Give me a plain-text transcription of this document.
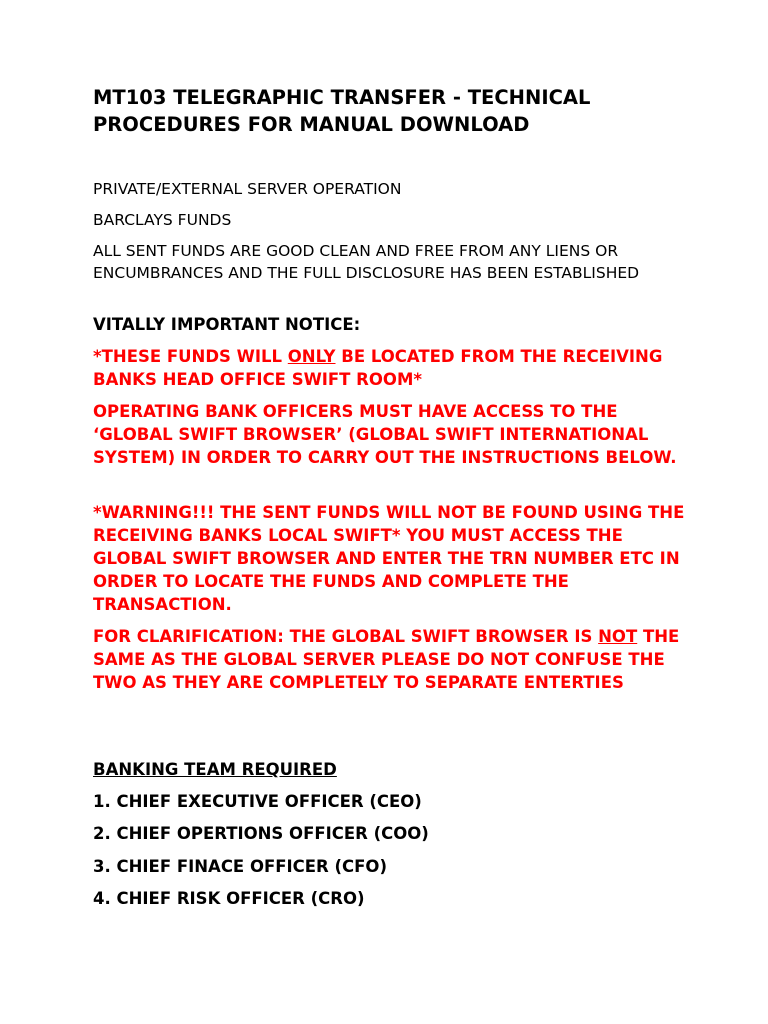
MT103 TELEGRAPHIC TRANSFER - TECHNICAL PROCEDURES FOR MANUAL DOWNLOAD

PRIVATE/EXTERNAL SERVER OPERATION

BARCLAYS FUNDS

ALL SENT FUNDS ARE GOOD CLEAN AND FREE FROM ANY LIENS OR ENCUMBRANCES AND THE FULL DISCLOSURE HAS BEEN ESTABLISHED

VITALLY IMPORTANT NOTICE:

*THESE FUNDS WILL ONLY BE LOCATED FROM THE RECEIVING BANKS HEAD OFFICE SWIFT ROOM*

OPERATING BANK OFFICERS MUST HAVE ACCESS TO THE ‘GLOBAL SWIFT BROWSER’ (GLOBAL SWIFT INTERNATIONAL SYSTEM) IN ORDER TO CARRY OUT THE INSTRUCTIONS BELOW.

*WARNING!!! THE SENT FUNDS WILL NOT BE FOUND USING THE RECEIVING BANKS LOCAL SWIFT* YOU MUST ACCESS THE GLOBAL SWIFT BROWSER AND ENTER THE TRN NUMBER ETC IN ORDER TO LOCATE THE FUNDS AND COMPLETE THE TRANSACTION.

FOR CLARIFICATION: THE GLOBAL SWIFT BROWSER IS NOT THE SAME AS THE GLOBAL SERVER PLEASE DO NOT CONFUSE THE TWO AS THEY ARE COMPLETELY TO SEPARATE ENTERTIES

BANKING TEAM REQUIRED

1. CHIEF EXECUTIVE OFFICER (CEO)

2. CHIEF OPERTIONS OFFICER (COO)

3. CHIEF FINACE OFFICER (CFO)

4. CHIEF RISK OFFICER (CRO)
